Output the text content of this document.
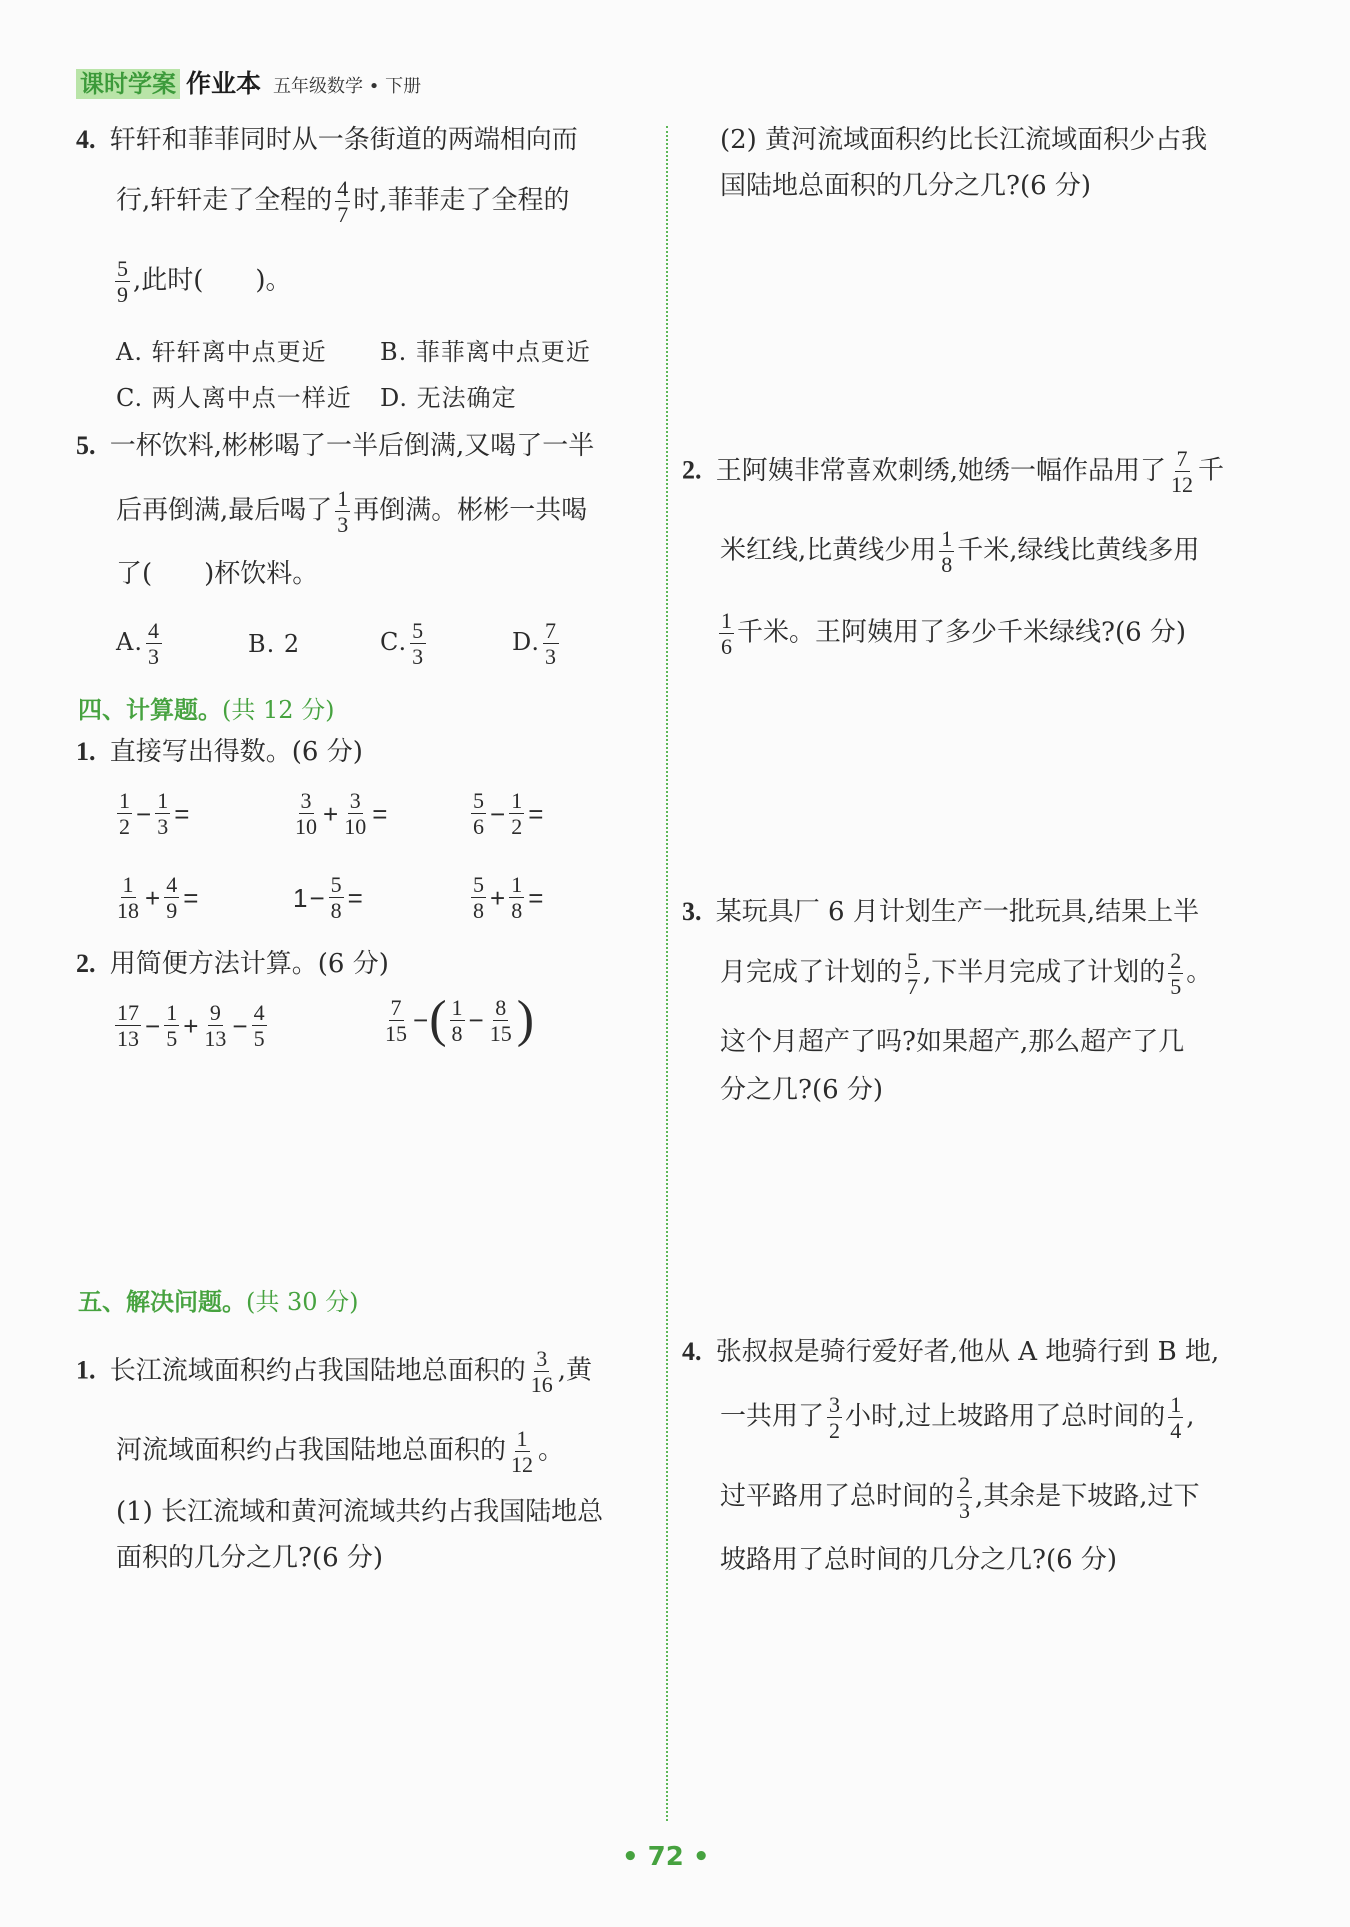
课时学案 作业本 五年级数学 • 下册
4. 轩轩和菲菲同时从一条街道的两端相向而
行,轩轩走了全程的 $\frac{4}{7}$ 时,菲菲走了全程的
$\frac{5}{9}$ ,此时(　　)。
A. 轩轩离中点更近 B. 菲菲离中点更近
C. 两人离中点一样近 D. 无法确定
5. 一杯饮料,彬彬喝了一半后倒满,又喝了一半
后再倒满,最后喝了 $\frac{1}{3}$ 再倒满。彬彬一共喝
了(　　)杯饮料。
A. $\frac{4}{3}$	B. 2	C. $\frac{5}{3}$	D. $\frac{7}{3}$
四、计算题。(共 12 分)
1. 直接写出得数。(6 分)
$\frac{1}{2} - \frac{1}{3}$ =	$\frac{3}{10} + \frac{3}{10}$ =	$\frac{5}{6} - \frac{1}{2}$ =
$\frac{1}{18} + \frac{4}{9}$ =	$1- \frac{5}{8}$ =	$\frac{5}{8} + \frac{1}{8}$ =
2. 用简便方法计算。(6 分)
$\frac{17}{13} - \frac{1}{5} + \frac{9}{13} - \frac{4}{5}$	$\frac{7}{15}$ −( $\frac{1}{8} - \frac{8}{15}$ )
五、解决问题。(共 30 分)
1. 长江流域面积约占我国陆地总面积的 $\frac{3}{16}$ ,黄
河流域面积约占我国陆地总面积的 $\frac{1}{12}$ 。
(1) 长江流域和黄河流域共约占我国陆地总
面积的几分之几?(6 分)
(2) 黄河流域面积约比长江流域面积少占我
国陆地总面积的几分之几?(6 分)
2. 王阿姨非常喜欢刺绣,她绣一幅作品用了 $\frac{7}{12}$ 千
米红线,比黄线少用 $\frac{1}{8}$ 千米,绿线比黄线多用
$\frac{1}{6}$ 千米。王阿姨用了多少千米绿线?(6 分)
3. 某玩具厂 6 月计划生产一批玩具,结果上半
月完成了计划的 $\frac{5}{7}$ ,下半月完成了计划的 $\frac{2}{5}$ 。
这个月超产了吗?如果超产,那么超产了几
分之几?(6 分)
4. 张叔叔是骑行爱好者,他从 A 地骑行到 B 地,
一共用了 $\frac{3}{2}$ 小时,过上坡路用了总时间的 $\frac{1}{4}$ ,
过平路用了总时间的 $\frac{2}{3}$ ,其余是下坡路,过下
坡路用了总时间的几分之几?(6 分)
• 72 •
